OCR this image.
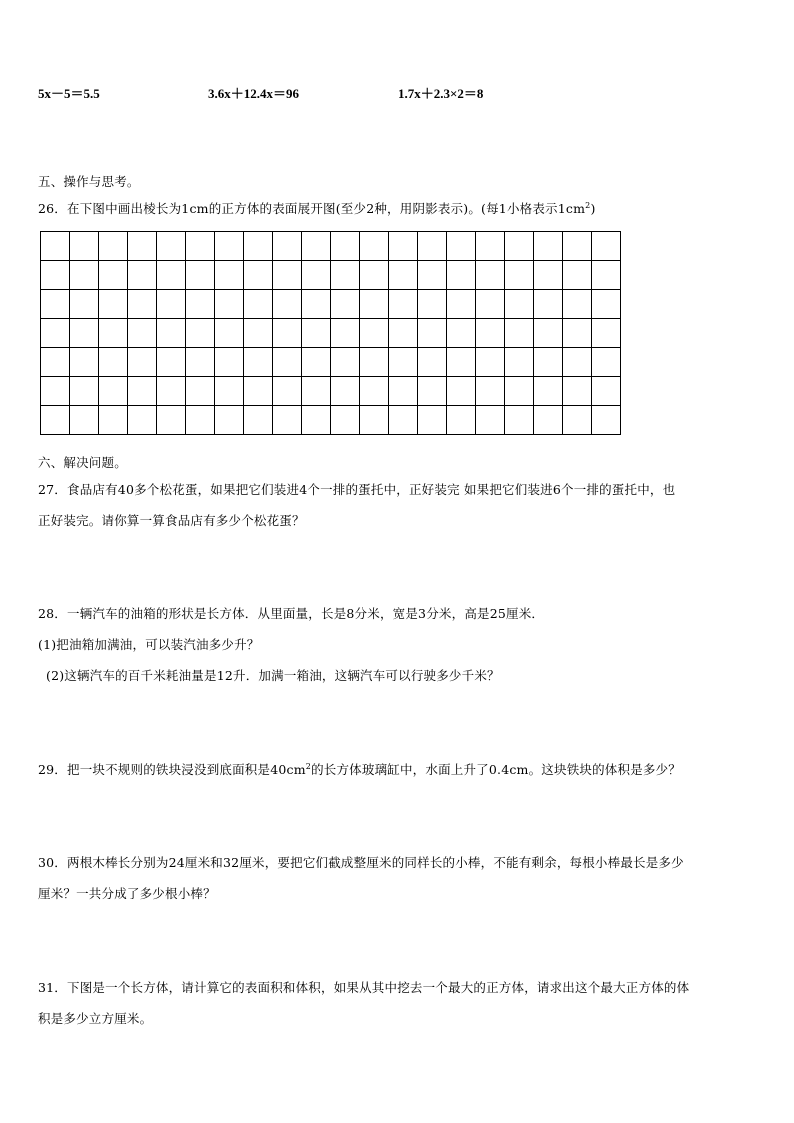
5x－5＝5.5	3.6x＋12.4x＝96	1.7x＋2.3×2＝8
五、操作与思考。
26．在下图中画出棱长为1cm的正方体的表面展开图(至少2种，用阴影表示)。(每1小格表示$1cm^2$)

六、解决问题。
27．食品店有40多个松花蛋，如果把它们装进4个一排的蛋托中，正好装完 如果把它们装进6个一排的蛋托中，也
正好装完。请你算一算食品店有多少个松花蛋？
28．一辆汽车的油箱的形状是长方体．从里面量，长是8分米，宽是3分米，高是25厘米．
(1)把油箱加满油，可以装汽油多少升？
(2)这辆汽车的百千米耗油量是12升．加满一箱油，这辆汽车可以行驶多少千米？
29．把一块不规则的铁块浸没到底面积是$40cm^2$的长方体玻璃缸中，水面上升了0.4cm。这块铁块的体积是多少？
30．两根木棒长分别为24厘米和32厘米，要把它们截成整厘米的同样长的小棒，不能有剩余，每根小棒最长是多少
厘米？一共分成了多少根小棒？
31．下图是一个长方体，请计算它的表面积和体积，如果从其中挖去一个最大的正方体，请求出这个最大正方体的体
积是多少立方厘米。
